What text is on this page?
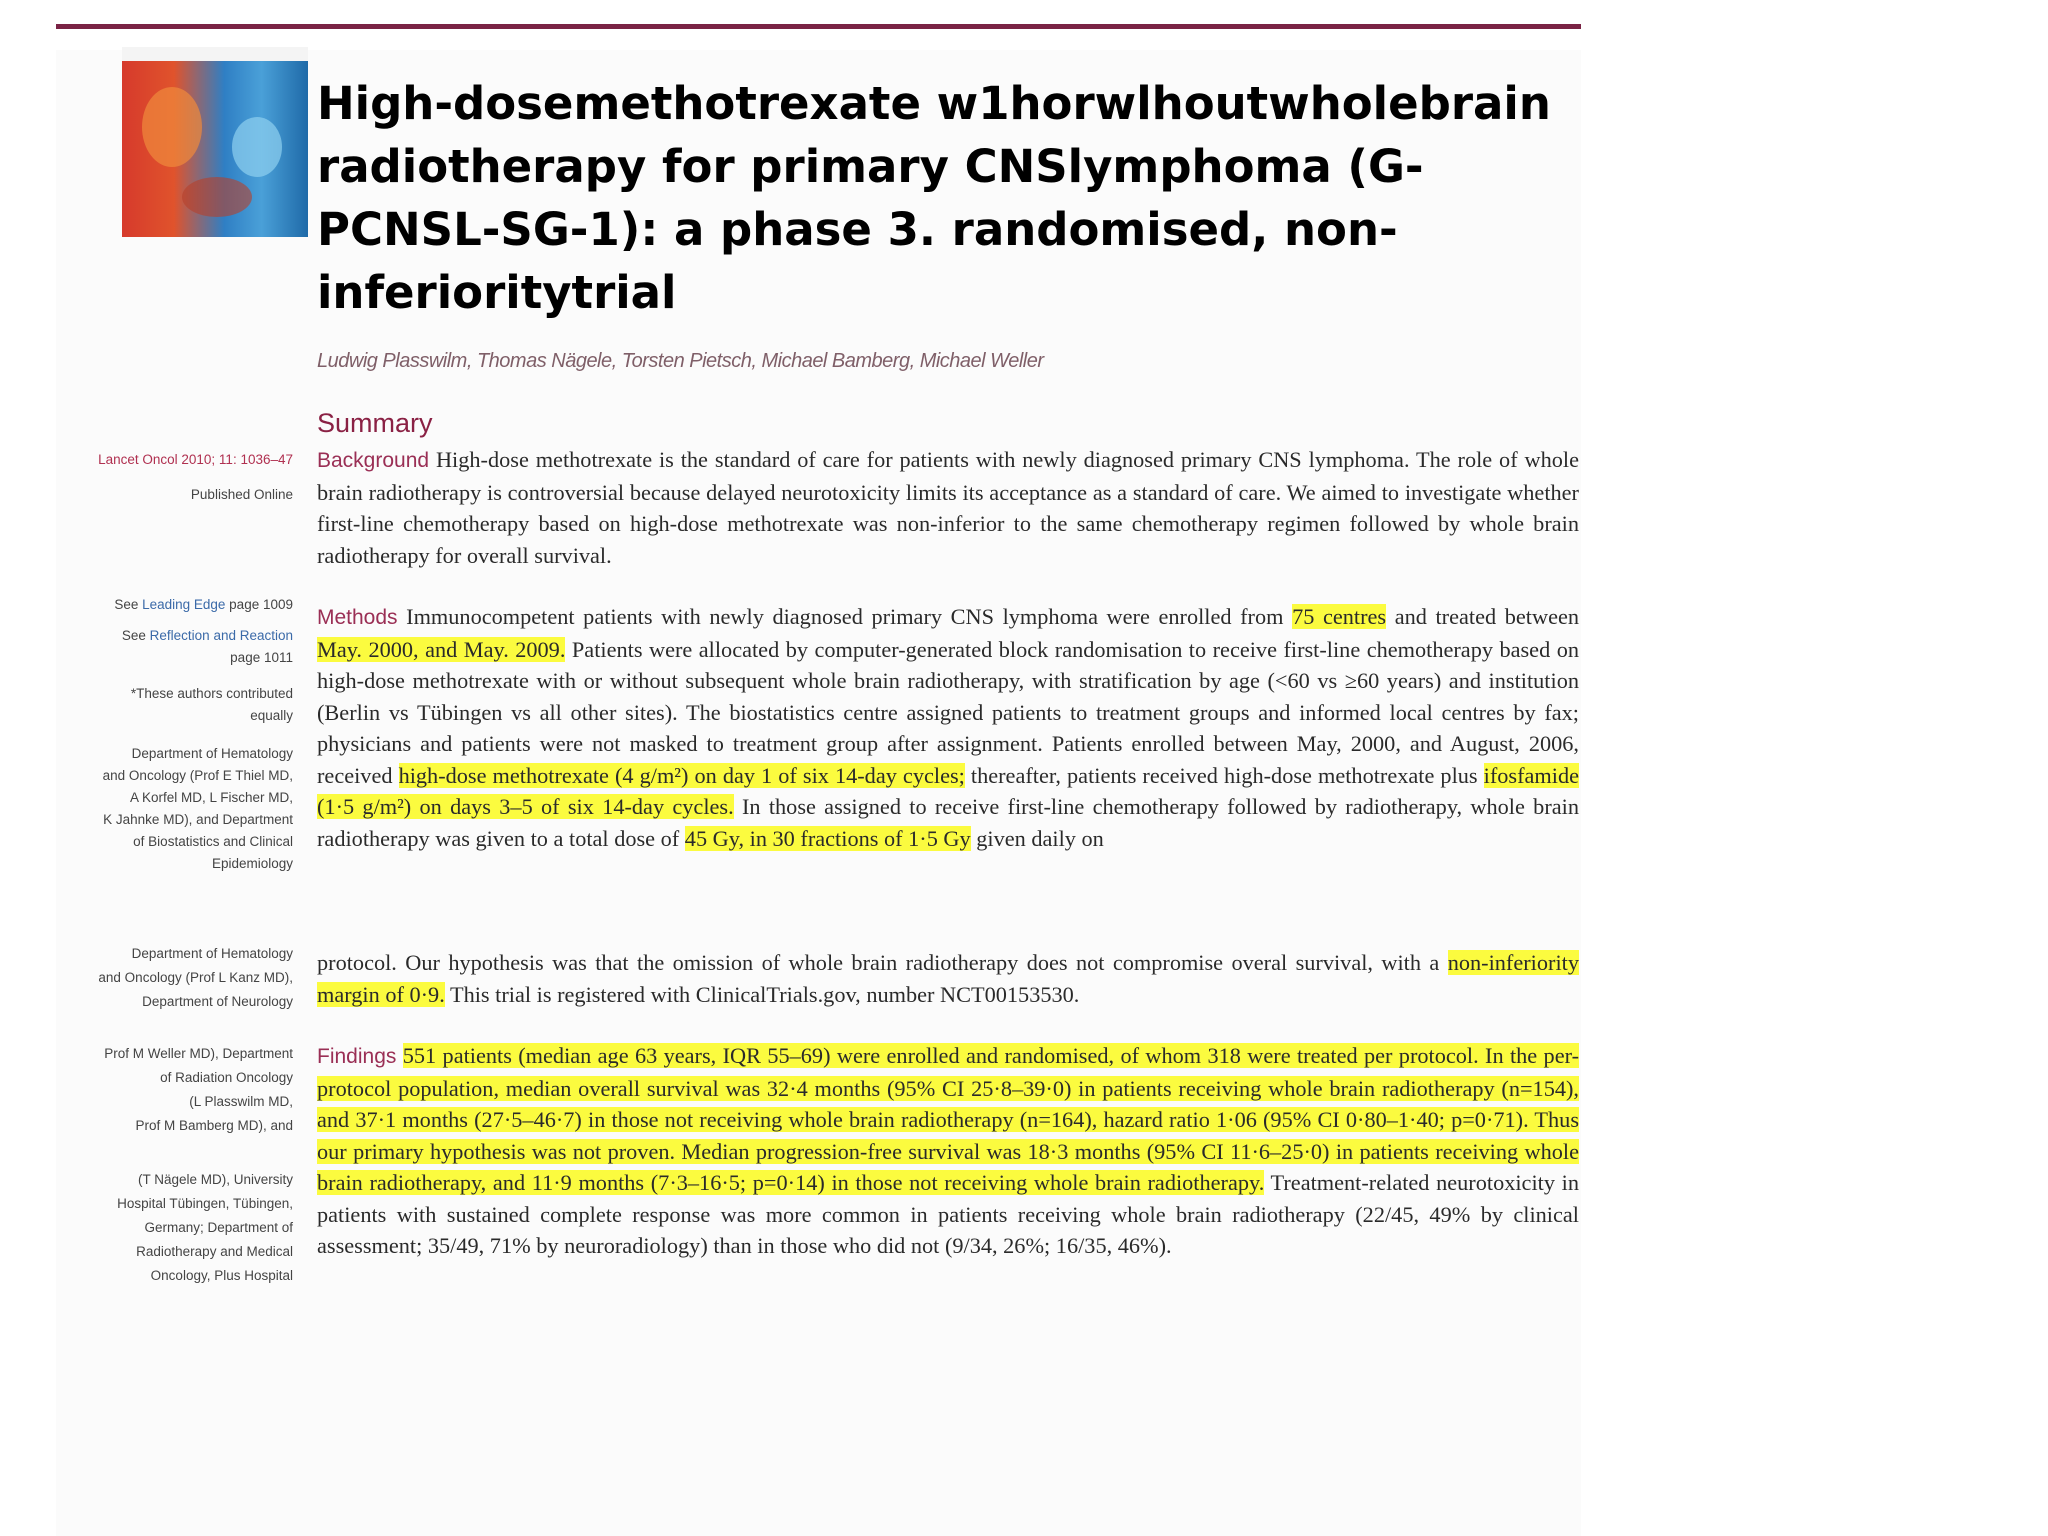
High-dosemethotrexate w1horwlhoutwholebrain radiotherapy for primary CNSlymphoma (G-PCNSL-SG-1): a phase 3. randomised, non-inferioritytrial
Ludwig Plasswilm, Thomas Nägele, Torsten Pietsch, Michael Bamberg, Michael Weller
Summary

Background High-dose methotrexate is the standard of care for patients with newly diagnosed primary CNS lymphoma. The role of whole brain radiotherapy is controversial because delayed neurotoxicity limits its acceptance as a standard of care. We aimed to investigate whether first-line chemotherapy based on high-dose methotrexate was non-inferior to the same chemotherapy regimen followed by whole brain radiotherapy for overall survival.

Methods Immunocompetent patients with newly diagnosed primary CNS lymphoma were enrolled from 75 centres and treated between May. 2000, and May. 2009. Patients were allocated by computer-generated block randomisation to receive first-line chemotherapy based on high-dose methotrexate with or without subsequent whole brain radiotherapy, with stratification by age (<60 vs ≥60 years) and institution (Berlin vs Tübingen vs all other sites). The biostatistics centre assigned patients to treatment groups and informed local centres by fax; physicians and patients were not masked to treatment group after assignment. Patients enrolled between May, 2000, and August, 2006, received high-dose methotrexate (4 g/m²) on day 1 of six 14-day cycles; thereafter, patients received high-dose methotrexate plus ifosfamide (1·5 g/m²) on days 3–5 of six 14-day cycles. In those assigned to receive first-line chemotherapy followed by radiotherapy, whole brain radiotherapy was given to a total dose of 45 Gy, in 30 fractions of 1·5 Gy given daily on

protocol. Our hypothesis was that the omission of whole brain radiotherapy does not compromise overal survival, with a non-inferiority margin of 0·9. This trial is registered with ClinicalTrials.gov, number NCT00153530.

Findings 551 patients (median age 63 years, IQR 55–69) were enrolled and randomised, of whom 318 were treated per protocol. In the per-protocol population, median overall survival was 32·4 months (95% CI 25·8–39·0) in patients receiving whole brain radiotherapy (n=154), and 37·1 months (27·5–46·7) in those not receiving whole brain radiotherapy (n=164), hazard ratio 1·06 (95% CI 0·80–1·40; p=0·71). Thus our primary hypothesis was not proven. Median progression-free survival was 18·3 months (95% CI 11·6–25·0) in patients receiving whole brain radiotherapy, and 11·9 months (7·3–16·5; p=0·14) in those not receiving whole brain radiotherapy. Treatment-related neurotoxicity in patients with sustained complete response was more common in patients receiving whole brain radiotherapy (22/45, 49% by clinical assessment; 35/49, 71% by neuroradiology) than in those who did not (9/34, 26%; 16/35, 46%).

Lancet Oncol 2010; 11: 1036–47
Published Online
See Leading Edge page 1009
See Reflection and Reaction
page 1011
*These authors contributed
equally
Department of Hematology
and Oncology (Prof E Thiel MD,
A Korfel MD, L Fischer MD,
K Jahnke MD), and Department
of Biostatistics and Clinical
Epidemiology
Department of Hematology
and Oncology (Prof L Kanz MD),
Department of Neurology
Prof M Weller MD), Department
of Radiation Oncology
(L Plasswilm MD,
Prof M Bamberg MD), and
(T Nägele MD), University
Hospital Tübingen, Tübingen,
Germany; Department of
Radiotherapy and Medical
Oncology, Plus Hospital
